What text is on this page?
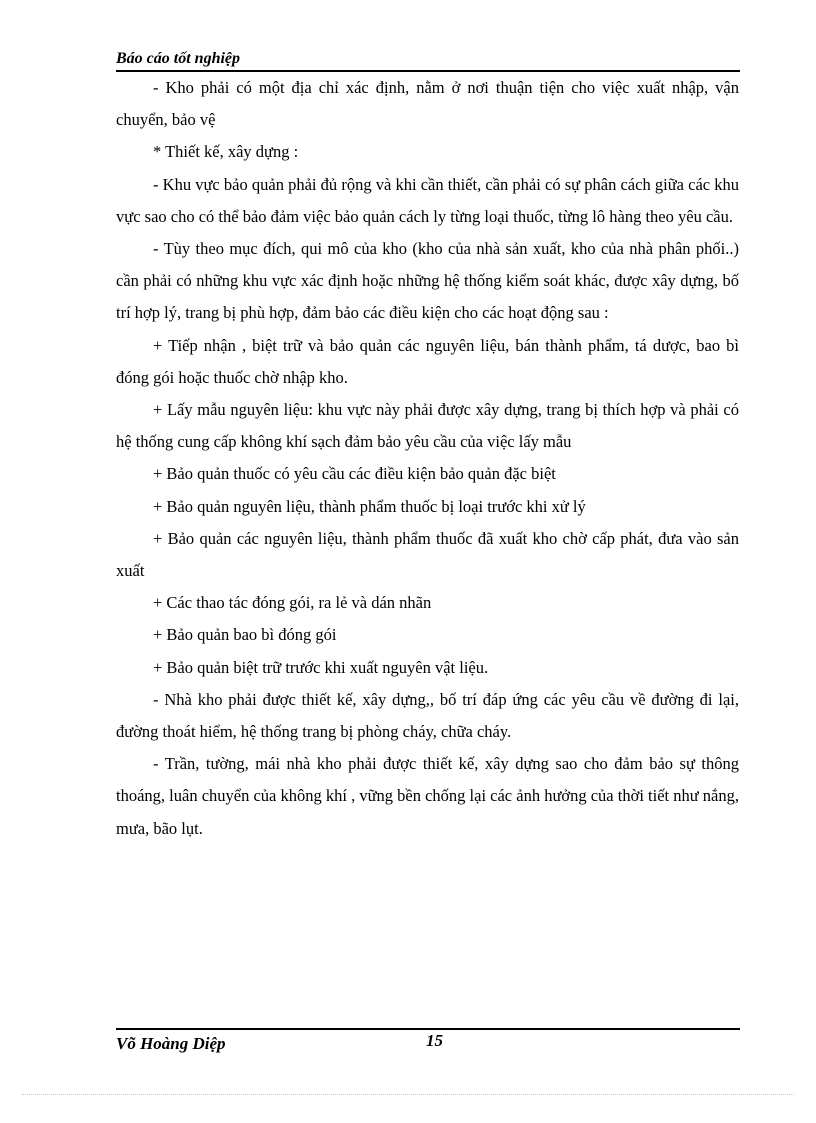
Báo cáo tốt nghiệp

- Kho phải có một địa chỉ xác định, nằm ở nơi thuận tiện cho việc xuất nhập, vận chuyển, bảo vệ

* Thiết kế, xây dựng :

- Khu vực bảo quản phải đủ rộng và khi cần thiết, cần phải có sự phân cách giữa các khu vực sao cho có thể bảo đảm việc bảo quản cách ly từng loại thuốc, từng lô hàng theo yêu cầu.

- Tùy theo mục đích, qui mô của kho (kho của nhà sản xuất, kho của nhà phân phối..) cần phải có những khu vực xác định hoặc những hệ thống kiểm soát khác, được xây dựng, bố trí hợp lý, trang bị phù hợp, đảm bảo các điều kiện cho các hoạt động sau :

+ Tiếp nhận , biệt trữ và bảo quản các nguyên liệu, bán thành phẩm, tá dược, bao bì đóng gói hoặc thuốc chờ nhập kho.

+ Lấy mẫu nguyên liệu: khu vực này phải được xây dựng, trang bị thích hợp và phải có hệ thống cung cấp không khí sạch đảm bảo yêu cầu của việc lấy mẫu

+ Bảo quản thuốc có yêu cầu các điều kiện bảo quản đặc biệt

+ Bảo quản nguyên liệu, thành phẩm thuốc bị loại trước khi xử lý

+ Bảo quản các nguyên liệu, thành phẩm thuốc đã xuất kho chờ cấp phát, đưa vào sản xuất

+ Các thao tác đóng gói, ra lẻ và dán nhãn

+ Bảo quản bao bì đóng gói

+ Bảo quản biệt trữ trước khi xuất nguyên vật liệu.

- Nhà kho phải được thiết kế, xây dựng,, bố trí đáp ứng các yêu cầu về đường đi lại, đường thoát hiểm, hệ thống trang bị phòng cháy, chữa cháy.

- Trần, tường, mái nhà kho phải được thiết kế, xây dựng sao cho đảm bảo sự thông thoáng, luân chuyển của không khí , vững bền chống lại các ảnh hưởng của thời tiết như nắng, mưa, bão lụt.

Võ Hoàng Diệp	15
